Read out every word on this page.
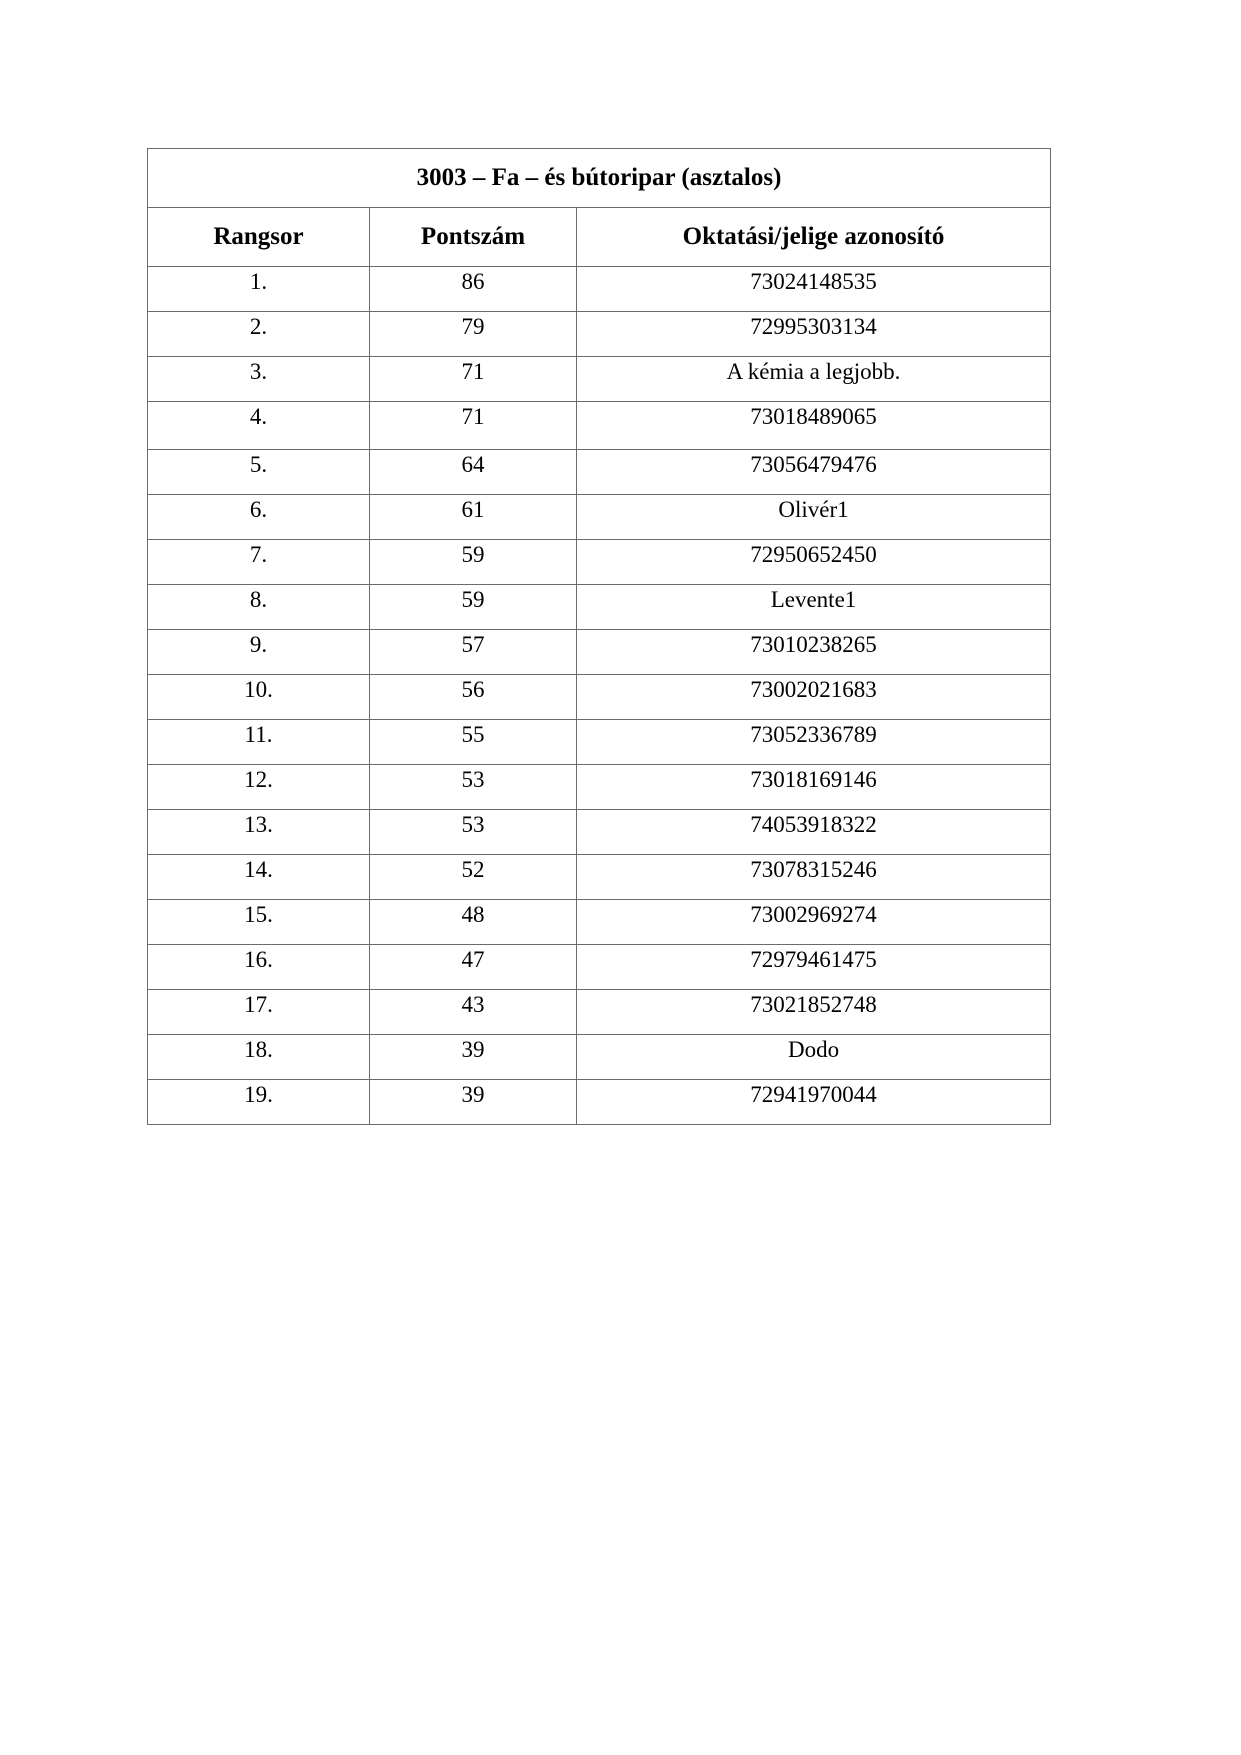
3003 – Fa – és bútoripar (asztalos)		
Rangsor	Pontszám	Oktatási/jelige azonosító
1.	86	73024148535
2.	79	72995303134
3.	71	A kémia a legjobb.
4.	71	73018489065
5.	64	73056479476
6.	61	Olivér1
7.	59	72950652450
8.	59	Levente1
9.	57	73010238265
10.	56	73002021683
11.	55	73052336789
12.	53	73018169146
13.	53	74053918322
14.	52	73078315246
15.	48	73002969274
16.	47	72979461475
17.	43	73021852748
18.	39	Dodo
19.	39	72941970044
